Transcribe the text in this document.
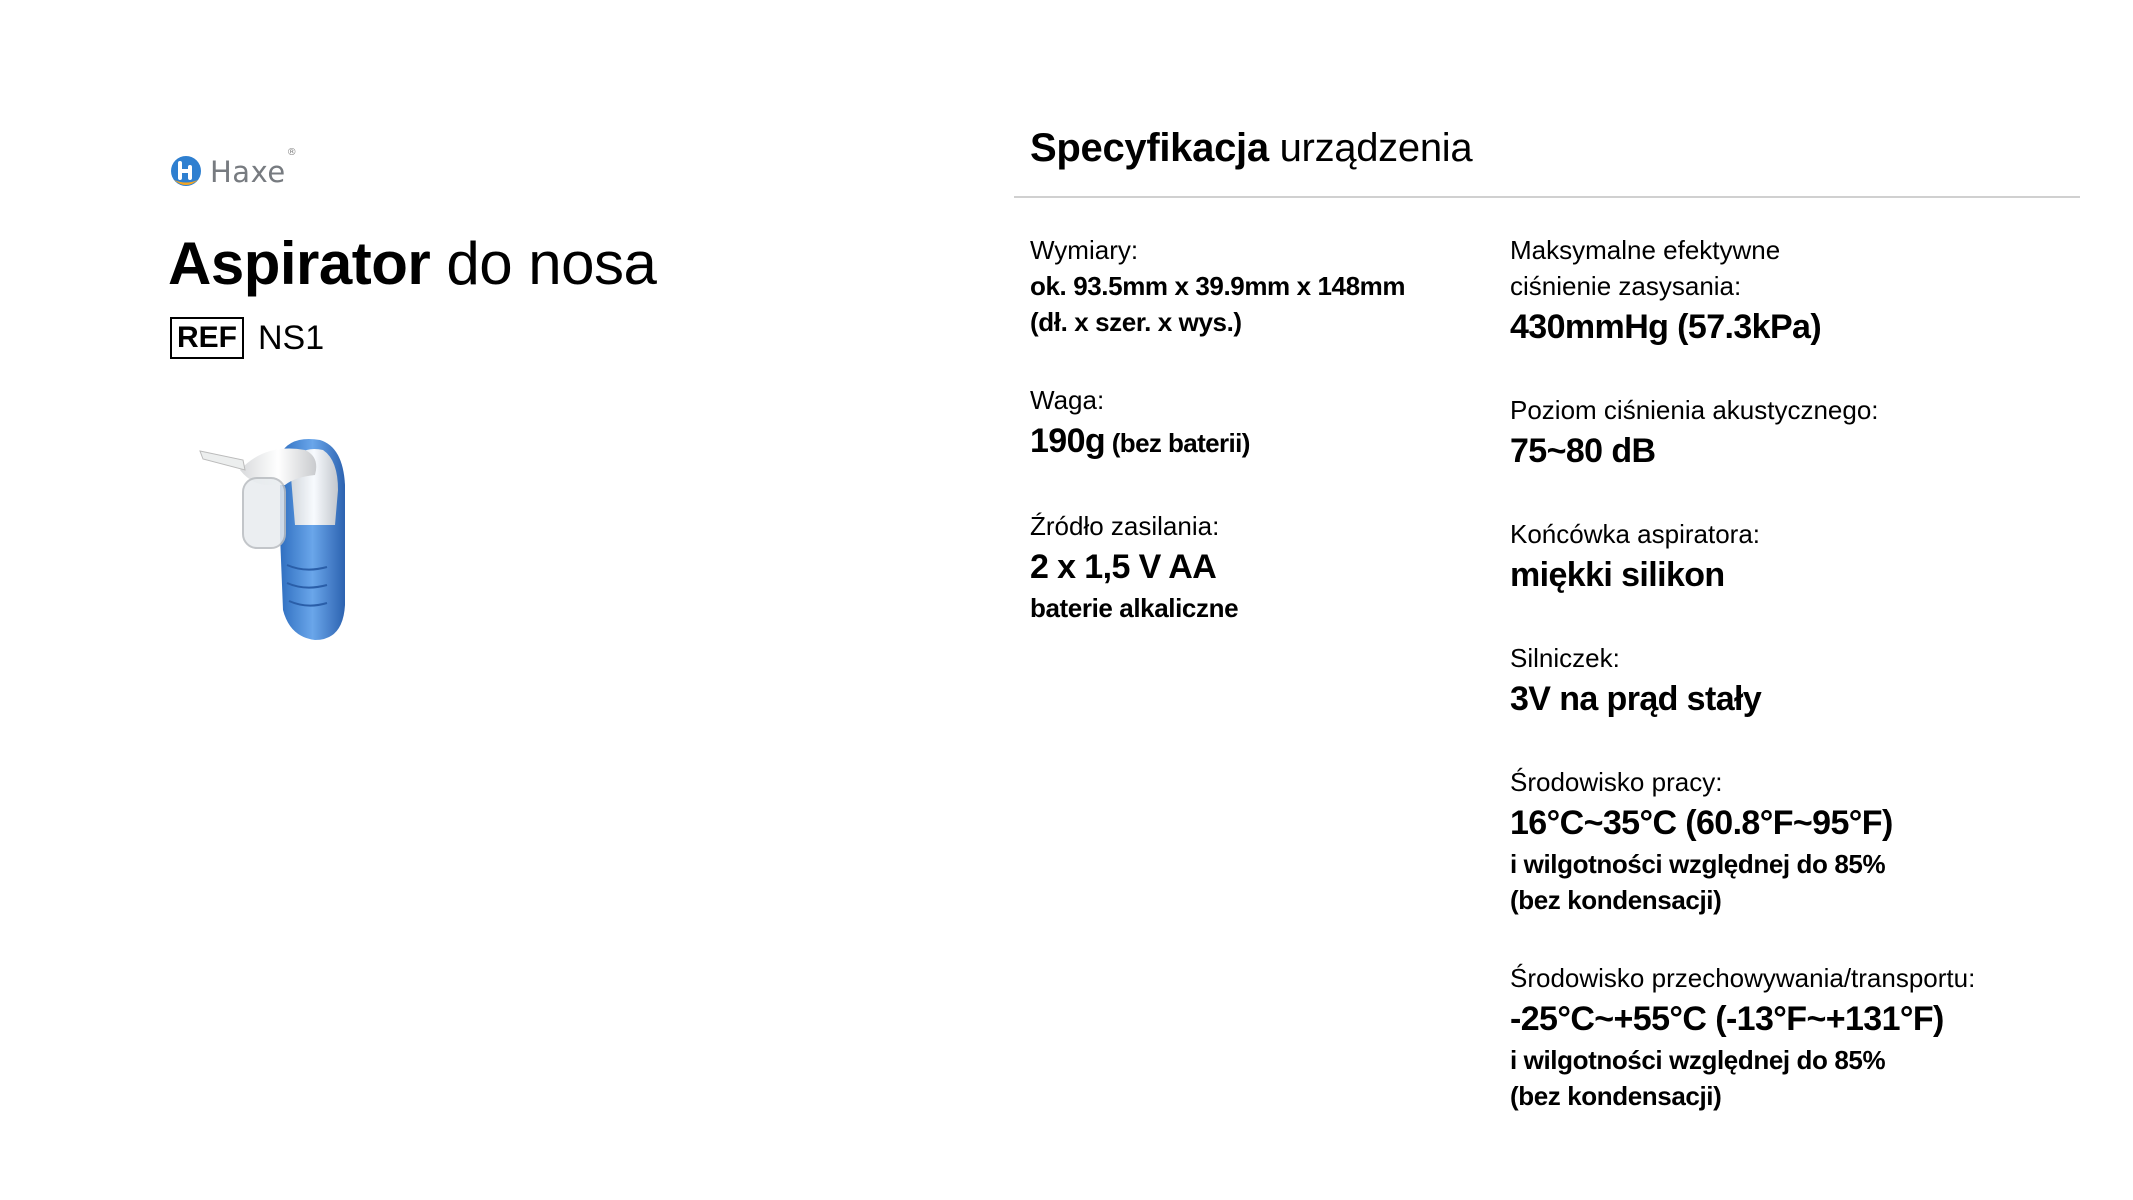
Haxe®
Aspirator do nosa
REF NS1
Specyfikacja urządzenia
Wymiary:
ok. 93.5mm x 39.9mm x 148mm
(dł. x szer. x wys.)
Waga:
190g (bez baterii)
Źródło zasilania:
2 x 1,5 V AA
baterie alkaliczne
Maksymalne efektywne
ciśnienie zasysania:
430mmHg (57.3kPa)
Poziom ciśnienia akustycznego:
75~80 dB
Końcówka aspiratora:
miękki silikon
Silniczek:
3V na prąd stały
Środowisko pracy:
16°C~35°C (60.8°F~95°F)
i wilgotności względnej do 85%
(bez kondensacji)
Środowisko przechowywania/transportu:
-25°C~+55°C (-13°F~+131°F)
i wilgotności względnej do 85%
(bez kondensacji)
